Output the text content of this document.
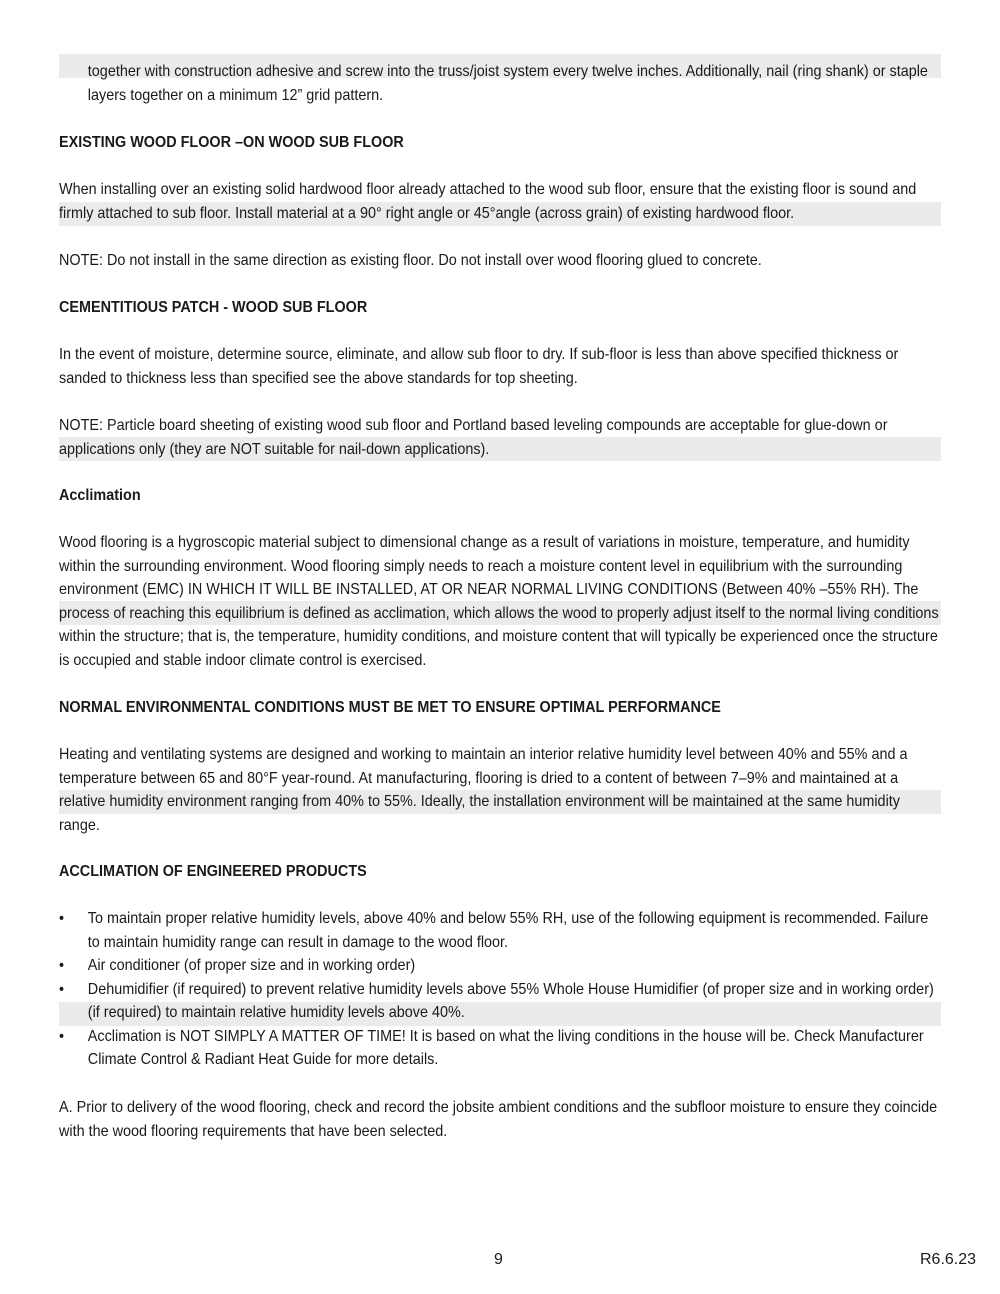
together with construction adhesive and screw into the truss/joist system every twelve inches. Additionally, nail (ring shank) or staple layers together on a minimum 12” grid pattern.

EXISTING WOOD FLOOR –ON WOOD SUB FLOOR

When installing over an existing solid hardwood floor already attached to the wood sub floor, ensure that the existing floor is sound and firmly attached to sub floor. Install material at a 90° right angle or 45°angle (across grain) of existing hardwood floor.

NOTE: Do not install in the same direction as existing floor. Do not install over wood flooring glued to concrete.

CEMENTITIOUS PATCH - WOOD SUB FLOOR

In the event of moisture, determine source, eliminate, and allow sub floor to dry. If sub-floor is less than above specified thickness or sanded to thickness less than specified see the above standards for top sheeting.

NOTE: Particle board sheeting of existing wood sub floor and Portland based leveling compounds are acceptable for glue-down or applications only (they are NOT suitable for nail-down applications).

Acclimation

Wood flooring is a hygroscopic material subject to dimensional change as a result of variations in moisture, temperature, and humidity within the surrounding environment. Wood flooring simply needs to reach a moisture content level in equilibrium with the surrounding environment (EMC) IN WHICH IT WILL BE INSTALLED, AT OR NEAR NORMAL LIVING CONDITIONS (Between 40% –55% RH). The process of reaching this equilibrium is defined as acclimation, which allows the wood to properly adjust itself to the normal living conditions within the structure; that is, the temperature, humidity conditions, and moisture content that will typically be experienced once the structure is occupied and stable indoor climate control is exercised.

NORMAL ENVIRONMENTAL CONDITIONS MUST BE MET TO ENSURE OPTIMAL PERFORMANCE

Heating and ventilating systems are designed and working to maintain an interior relative humidity level between 40% and 55% and a temperature between 65 and 80°F year-round. At manufacturing, flooring is dried to a content of between 7–9% and maintained at a relative humidity environment ranging from 40% to 55%. Ideally, the installation environment will be maintained at the same humidity range.

ACCLIMATION OF ENGINEERED PRODUCTS
• To maintain proper relative humidity levels, above 40% and below 55% RH, use of the following equipment is recommended. Failure to maintain humidity range can result in damage to the wood floor.
• Air conditioner (of proper size and in working order)
• Dehumidifier (if required) to prevent relative humidity levels above 55% Whole House Humidifier (of proper size and in working order) (if required) to maintain relative humidity levels above 40%.
• Acclimation is NOT SIMPLY A MATTER OF TIME! It is based on what the living conditions in the house will be. Check Manufacturer Climate Control & Radiant Heat Guide for more details.

A. Prior to delivery of the wood flooring, check and record the jobsite ambient conditions and the subfloor moisture to ensure they coincide with the wood flooring requirements that have been selected.

9	R6.6.23
